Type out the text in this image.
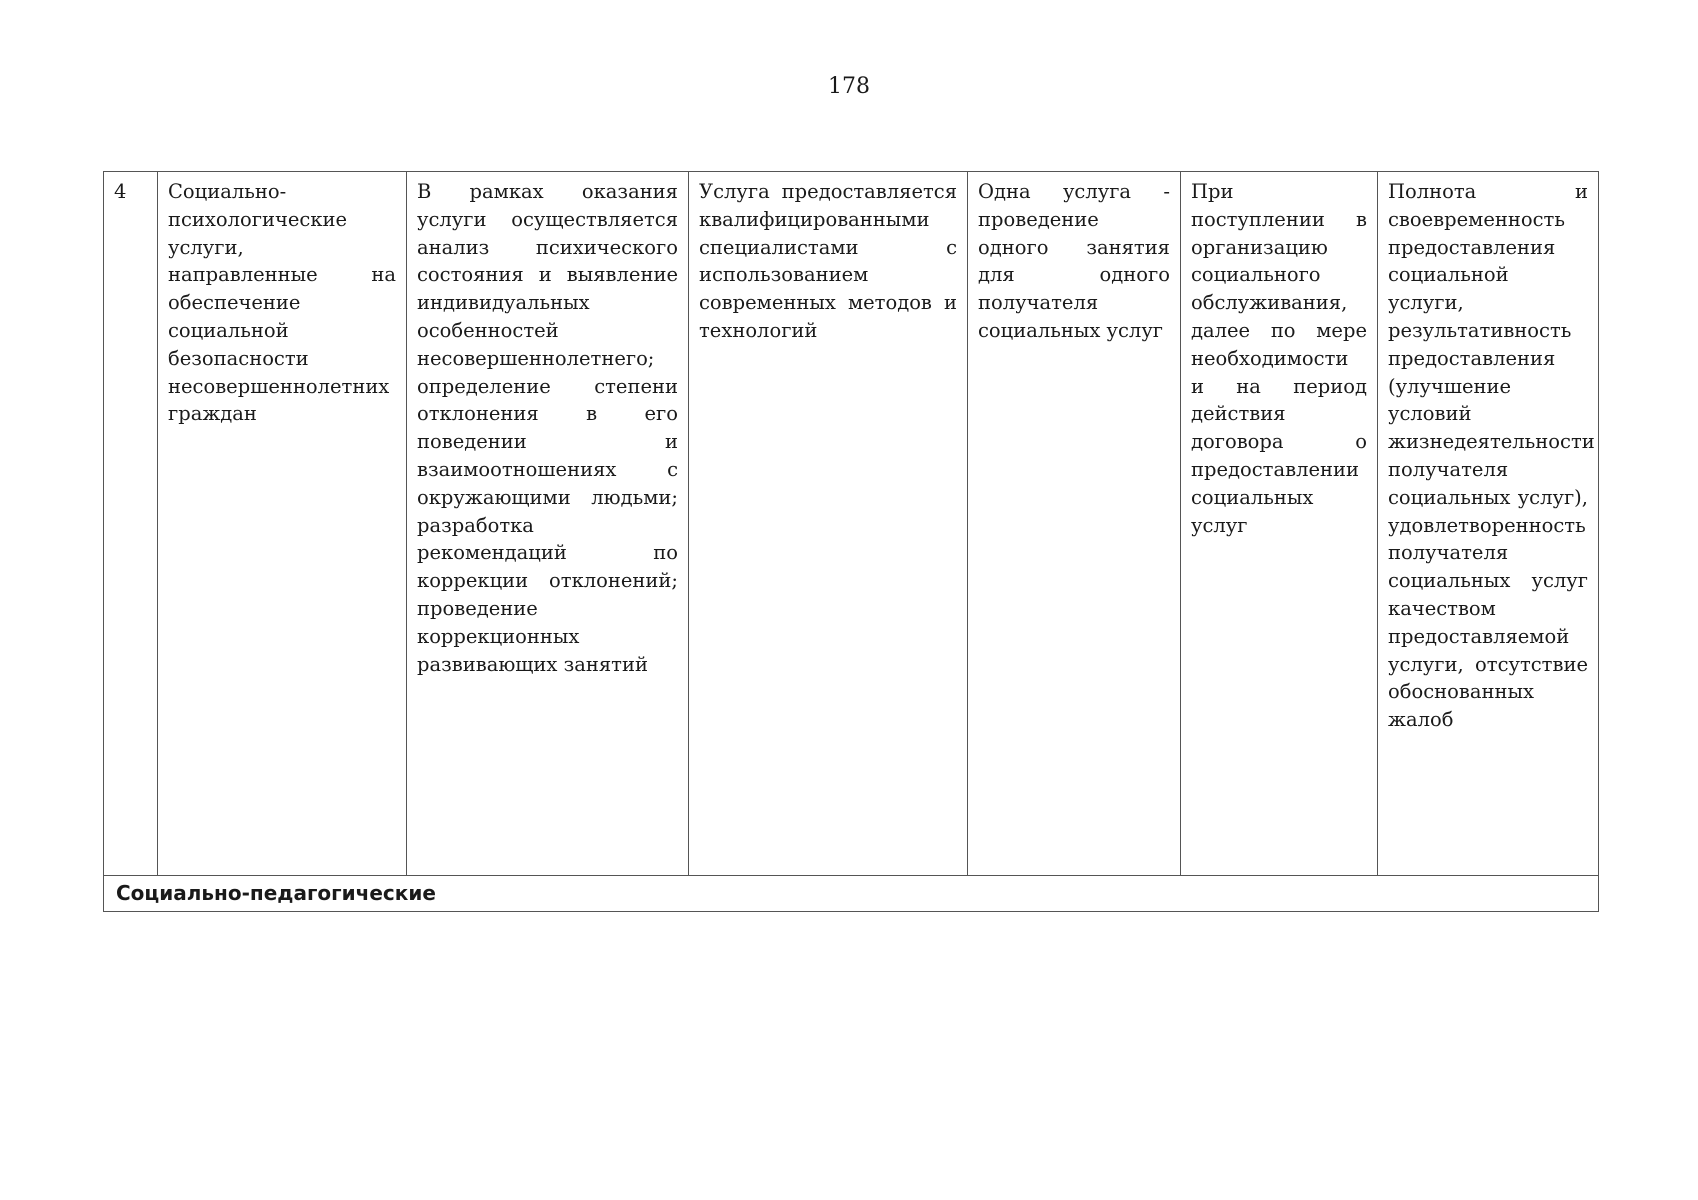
178
4	Социально-психологические услуги, направленные на обеспечение социальной безопасности несовершеннолетних граждан	В рамках оказания услуги осуществляется анализ психического состояния и выявление индивидуальных особенностей несовершеннолетнего; определение степени отклонения в его поведении и взаимоотношениях с окружающими людьми; разработка рекомендаций по коррекции отклонений; проведение коррекционных развивающих занятий	Услуга предоставляется квалифицированными специалистами с использованием современных методов и технологий	Одна услуга - проведение одного занятия для одного получателя социальных услуг	При поступлении в организацию социального обслуживания, далее по мере необходимости и на период действия договора о предоставлении социальных услуг	Полнота и своевременность предоставления социальной услуги, результативность предоставления (улучшение условий жизнедеятельности получателя социальных услуг), удовлетворенность получателя социальных услуг качеством предоставляемой услуги, отсутствие обоснованных жалоб
Социально-педагогические
